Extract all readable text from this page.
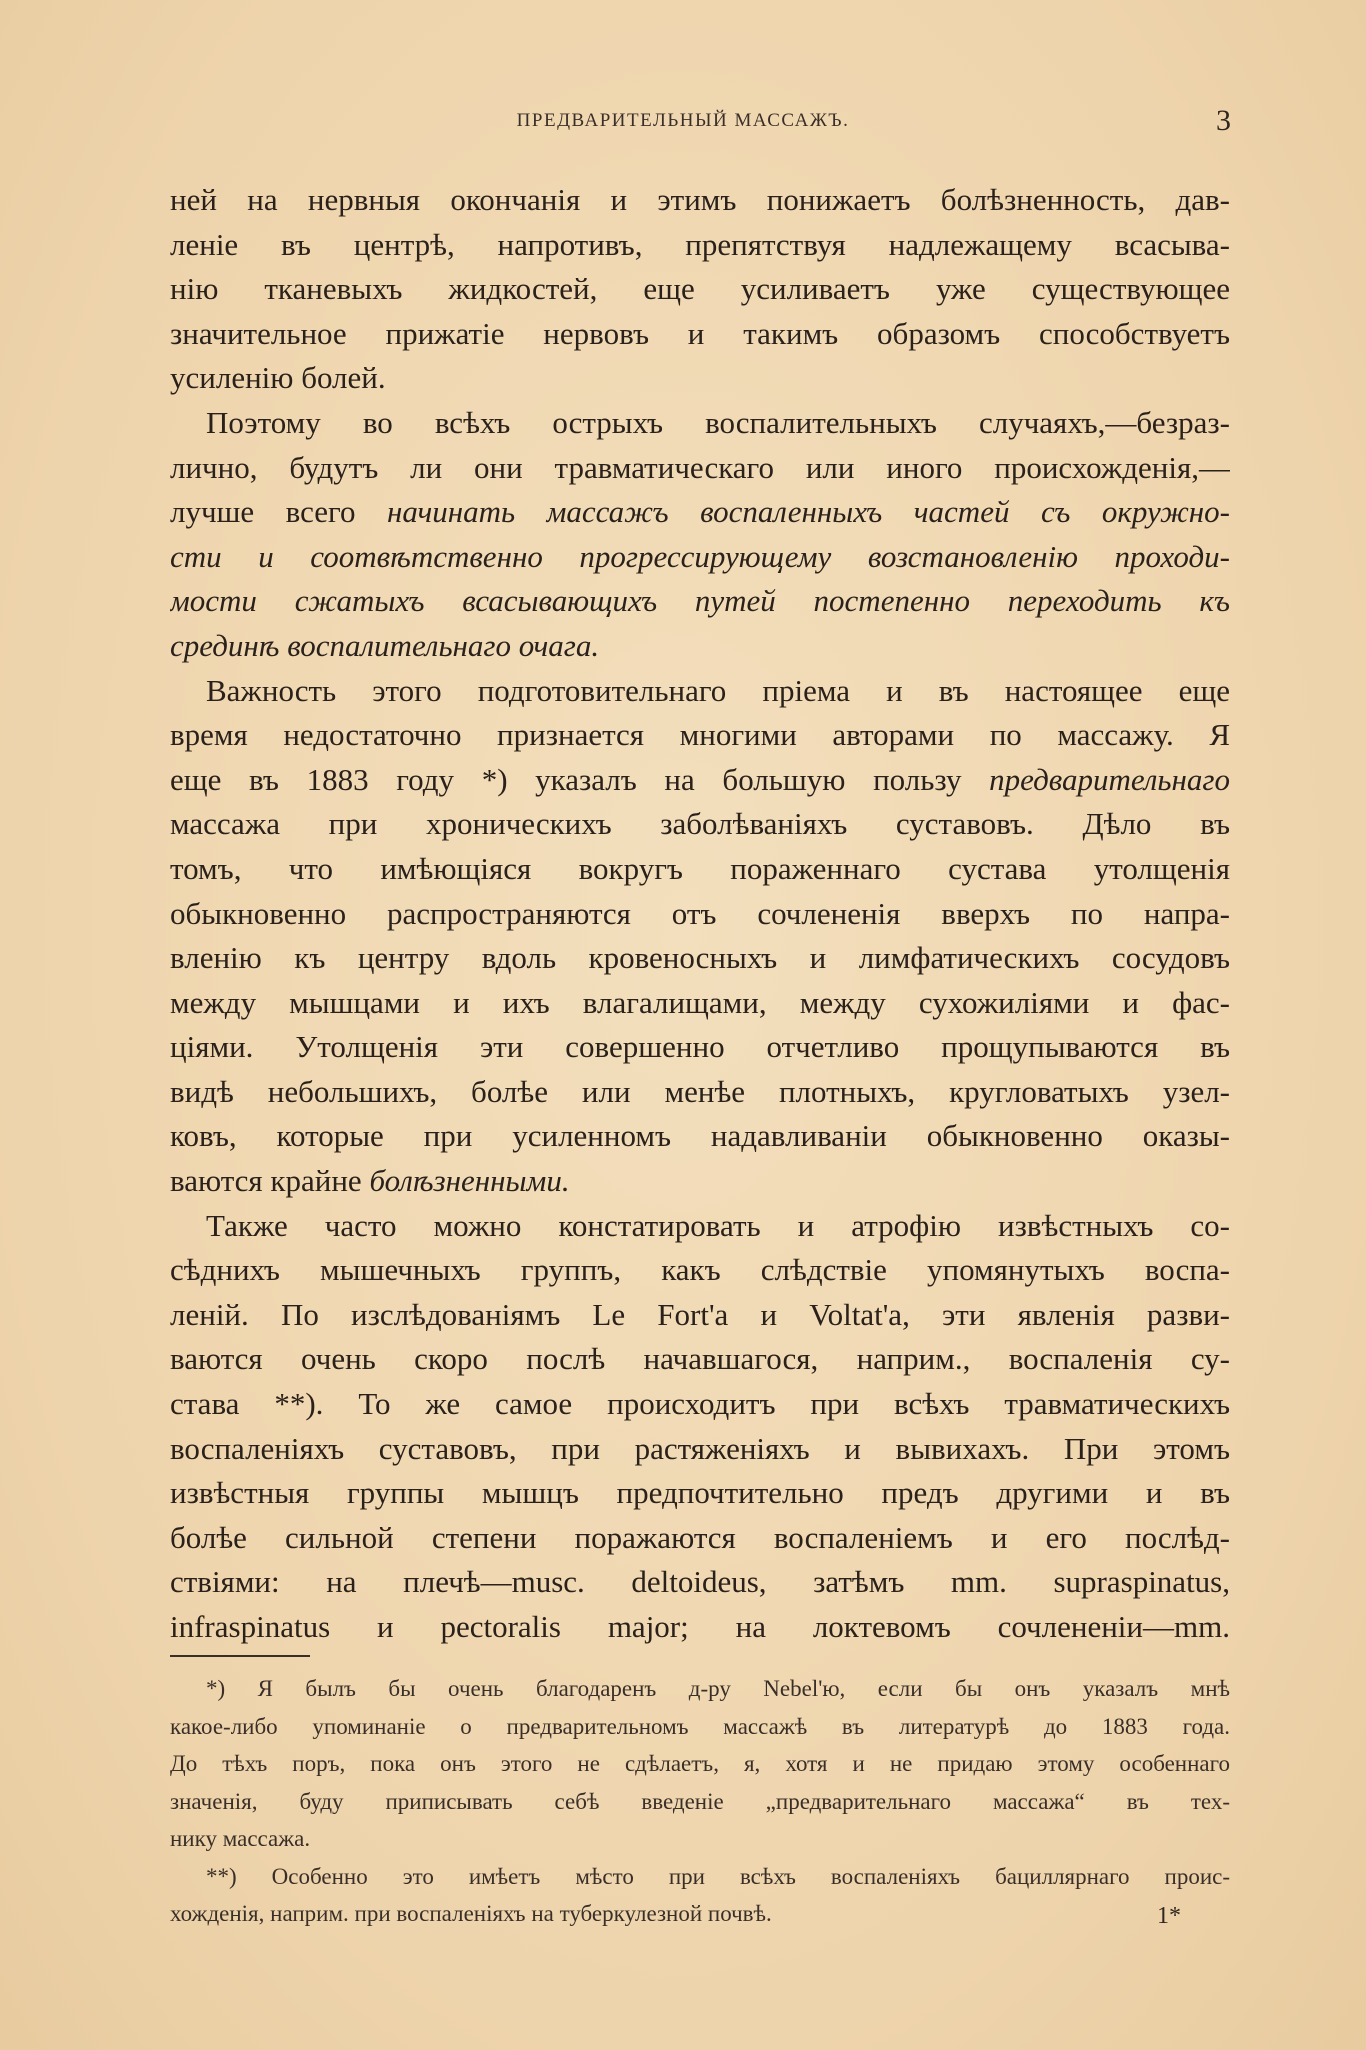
ПРЕДВАРИТЕЛЬНЫЙ МАССАЖЪ.	3
ней на нервныя окончанія и этимъ понижаетъ болѣзненность, дав-
леніе въ центрѣ, напротивъ, препятствуя надлежащему всасыва-
нію тканевыхъ жидкостей, еще усиливаетъ уже существующее
значительное прижатіе нервовъ и такимъ образомъ способствуетъ
усиленію болей.
Поэтому во всѣхъ острыхъ воспалительныхъ случаяхъ,—безраз-
лично, будутъ ли они травматическаго или иного происхожденія,—
лучше всего начинать массажъ воспаленныхъ частей съ окружно-
сти и соотвѣтственно прогрессирующему возстановленію проходи-
мости сжатыхъ всасывающихъ путей постепенно переходить къ
срединѣ воспалительнаго очага.
Важность этого подготовительнаго пріема и въ настоящее еще
время недостаточно признается многими авторами по массажу. Я
еще въ 1883 году *) указалъ на большую пользу предварительнаго
массажа при хроническихъ заболѣваніяхъ суставовъ. Дѣло въ
томъ, что имѣющіяся вокругъ пораженнаго сустава утолщенія
обыкновенно распространяются отъ сочлененія вверхъ по напра-
вленію къ центру вдоль кровеносныхъ и лимфатическихъ сосудовъ
между мышцами и ихъ влагалищами, между сухожиліями и фас-
ціями. Утолщенія эти совершенно отчетливо прощупываются въ
видѣ небольшихъ, болѣе или менѣе плотныхъ, кругловатыхъ узел-
ковъ, которые при усиленномъ надавливаніи обыкновенно оказы-
ваются крайне болѣзненными.
Также часто можно констатировать и атрофію извѣстныхъ со-
сѣднихъ мышечныхъ группъ, какъ слѣдствіе упомянутыхъ воспа-
леній. По изслѣдованіямъ Le Fort'a и Voltat'a, эти явленія разви-
ваются очень скоро послѣ начавшагося, наприм., воспаленія су-
става **). То же самое происходитъ при всѣхъ травматическихъ
воспаленіяхъ суставовъ, при растяженіяхъ и вывихахъ. При этомъ
извѣстныя группы мышцъ предпочтительно предъ другими и въ
болѣе сильной степени поражаются воспаленіемъ и его послѣд-
ствіями: на плечѣ—musc. deltoideus, затѣмъ mm. supraspinatus,
infraspinatus и pectoralis major; на локтевомъ сочлененіи—mm.
*) Я былъ бы очень благодаренъ д-ру Nebel'ю, если бы онъ указалъ мнѣ
какое-либо упоминаніе о предварительномъ массажѣ въ литературѣ до 1883 года.
До тѣхъ поръ, пока онъ этого не сдѣлаетъ, я, хотя и не придаю этому особеннаго
значенія, буду приписывать себѣ введеніе „предварительнаго массажа“ въ тех-
нику массажа.
**) Особенно это имѣетъ мѣсто при всѣхъ воспаленіяхъ бациллярнаго проис-
хожденія, наприм. при воспаленіяхъ на туберкулезной почвѣ.	1*
